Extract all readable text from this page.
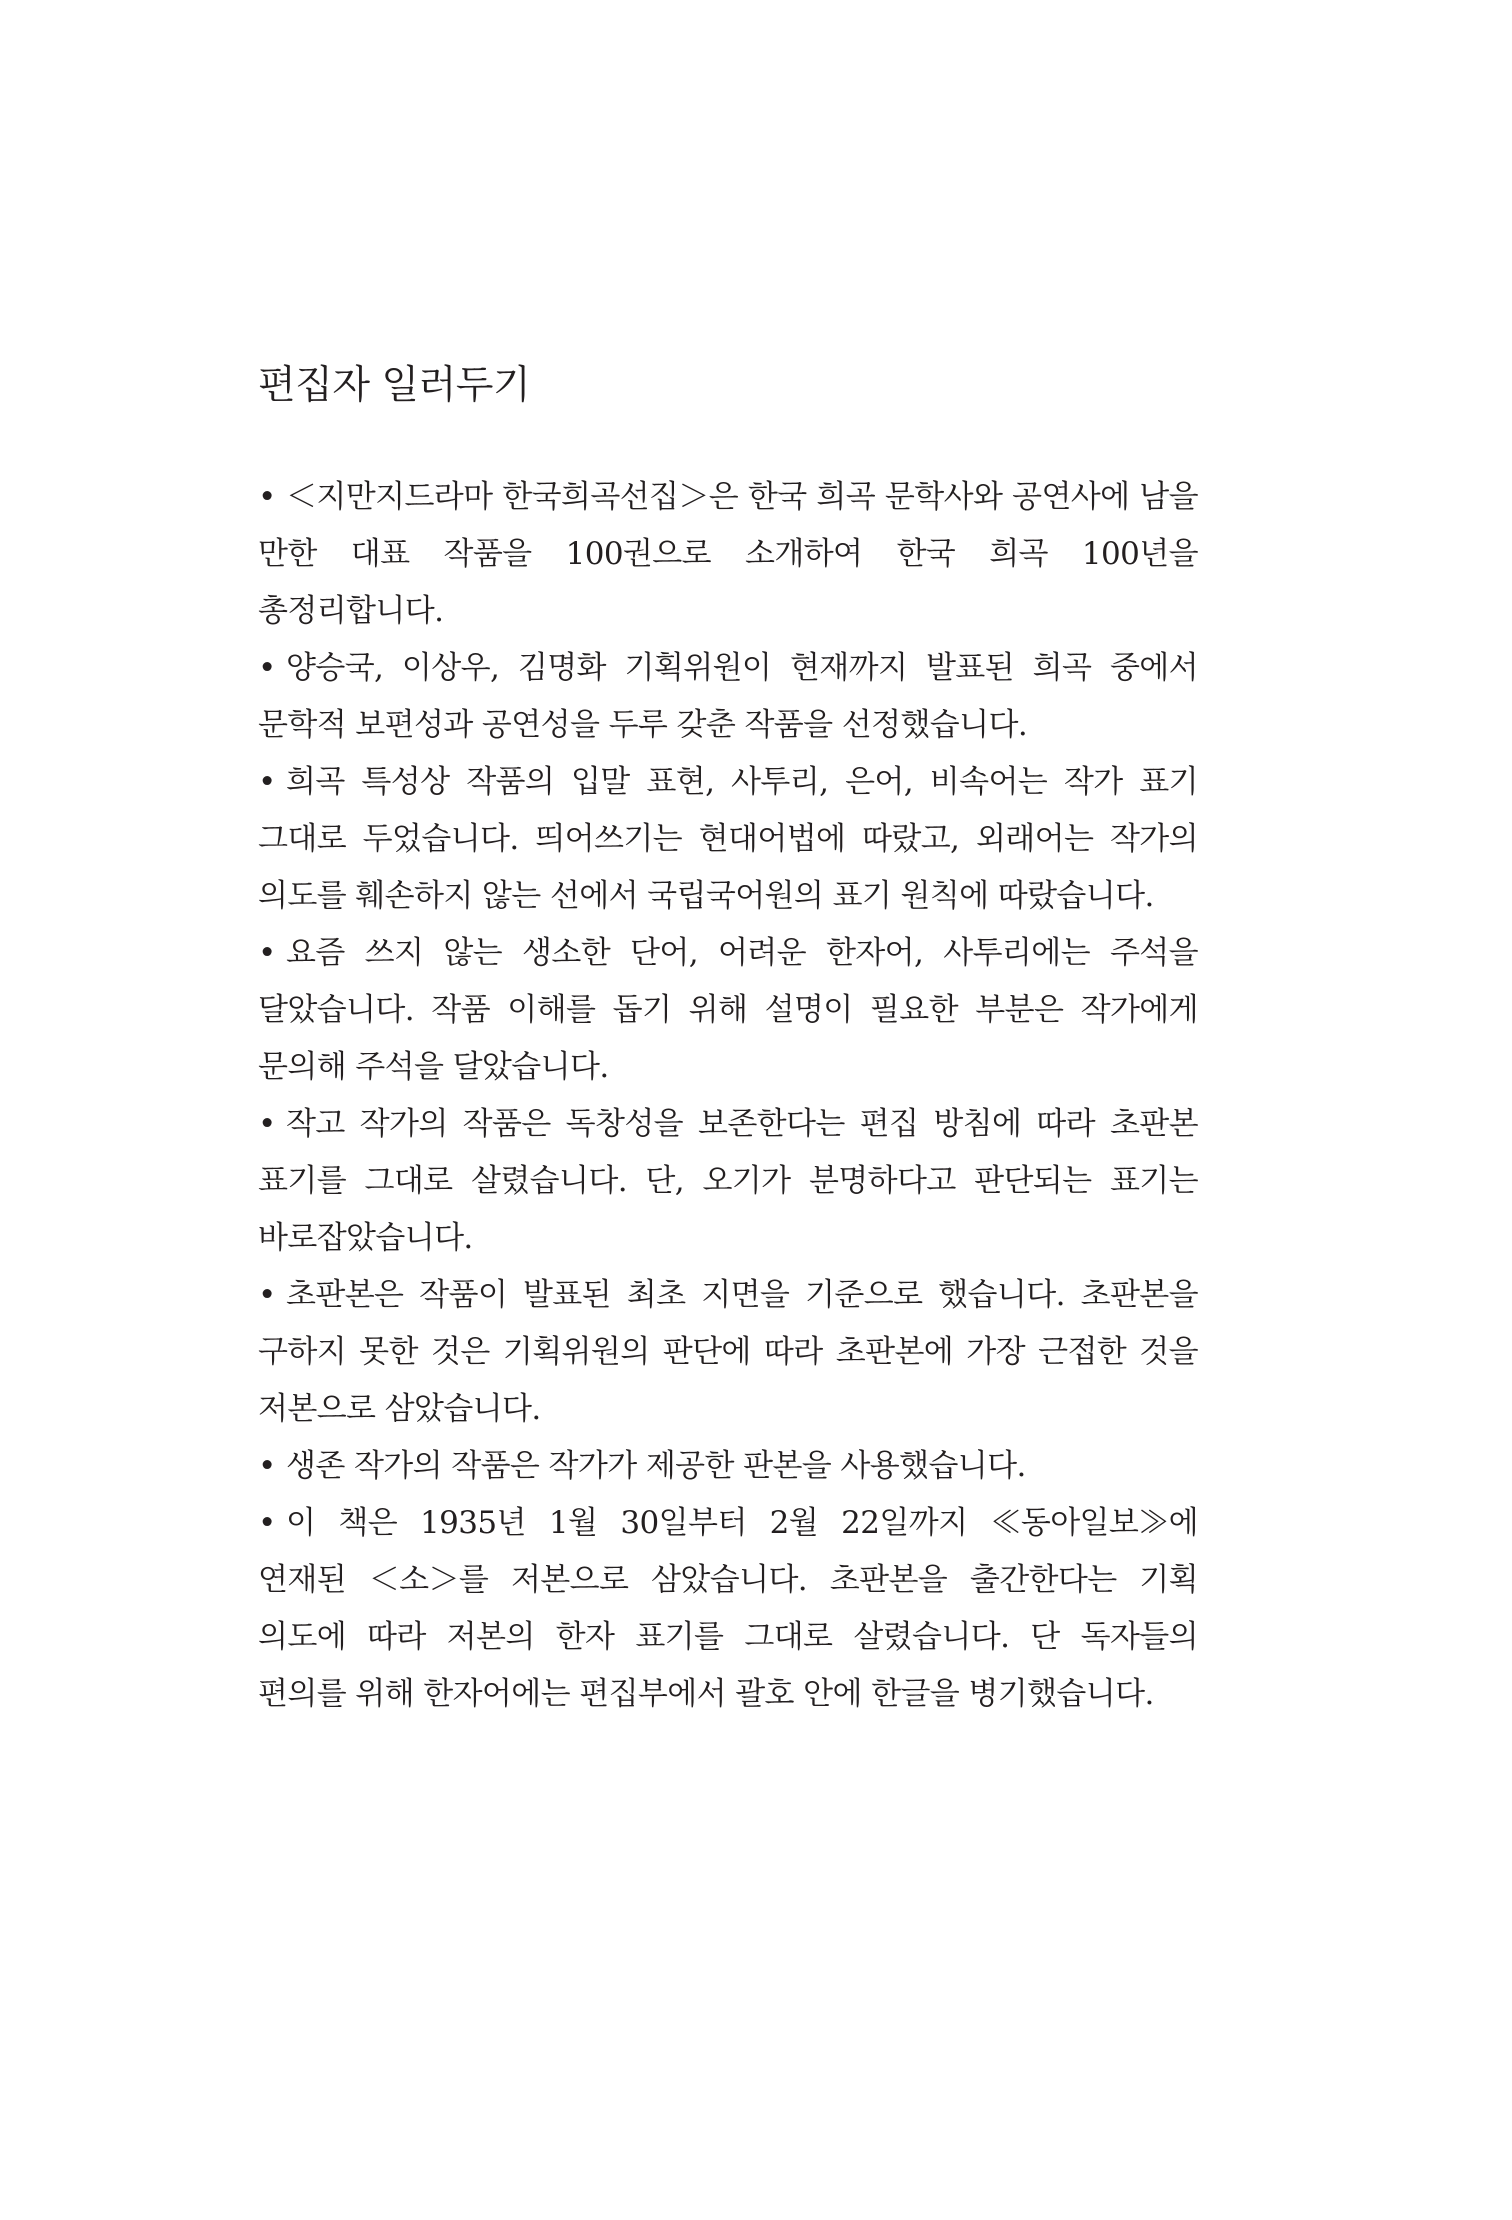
편집자 일러두기
• ＜지만지드라마 한국희곡선집＞은 한국 희곡 문학사와 공연사에 남을 만한 대표 작품을 100권으로 소개하여 한국 희곡 100년을 총정리합니다.
• 양승국, 이상우, 김명화 기획위원이 현재까지 발표된 희곡 중에서 문학적 보편성과 공연성을 두루 갖춘 작품을 선정했습니다.
• 희곡 특성상 작품의 입말 표현, 사투리, 은어, 비속어는 작가 표기 그대로 두었습니다. 띄어쓰기는 현대어법에 따랐고, 외래어는 작가의 의도를 훼손하지 않는 선에서 국립국어원의 표기 원칙에 따랐습니다.
• 요즘 쓰지 않는 생소한 단어, 어려운 한자어, 사투리에는 주석을 달았습니다. 작품 이해를 돕기 위해 설명이 필요한 부분은 작가에게 문의해 주석을 달았습니다.
• 작고 작가의 작품은 독창성을 보존한다는 편집 방침에 따라 초판본 표기를 그대로 살렸습니다. 단, 오기가 분명하다고 판단되는 표기는 바로잡았습니다.
• 초판본은 작품이 발표된 최초 지면을 기준으로 했습니다. 초판본을 구하지 못한 것은 기획위원의 판단에 따라 초판본에 가장 근접한 것을 저본으로 삼았습니다.
• 생존 작가의 작품은 작가가 제공한 판본을 사용했습니다.
• 이 책은 1935년 1월 30일부터 2월 22일까지 ≪동아일보≫에 연재된 ＜소＞를 저본으로 삼았습니다. 초판본을 출간한다는 기획 의도에 따라 저본의 한자 표기를 그대로 살렸습니다. 단 독자들의 편의를 위해 한자어에는 편집부에서 괄호 안에 한글을 병기했습니다.
